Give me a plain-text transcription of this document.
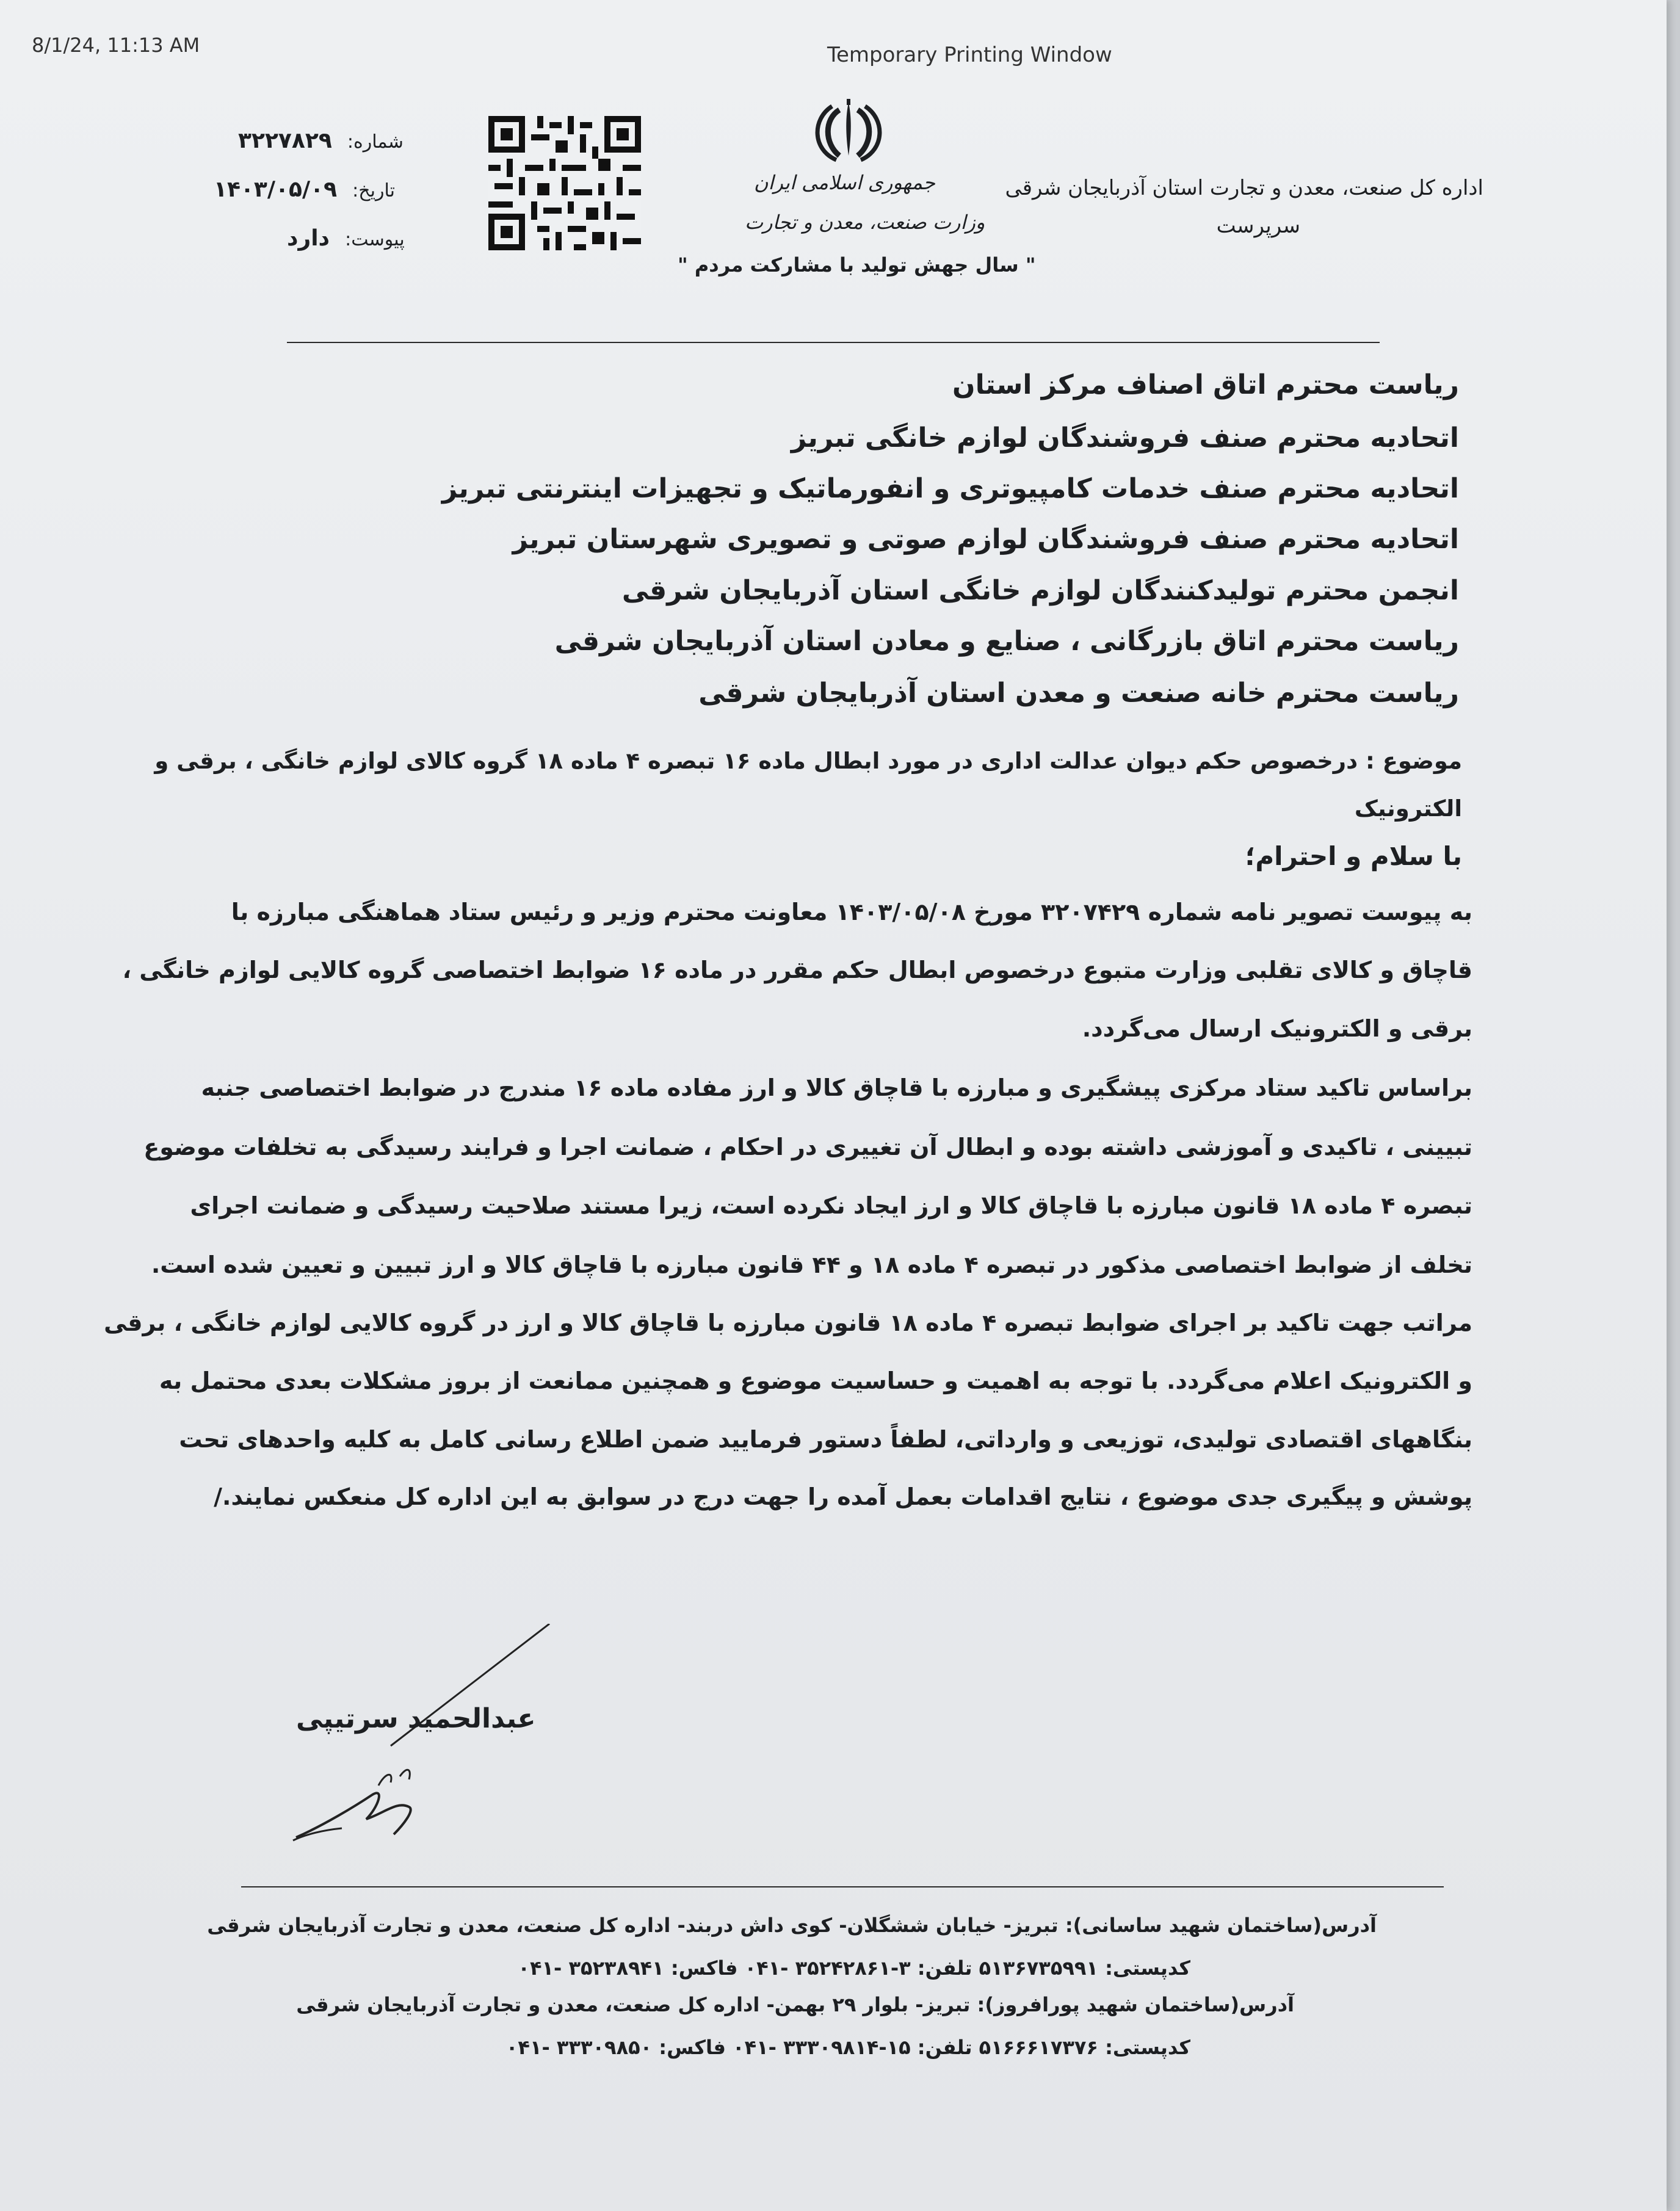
8/1/24, 11:13 AM	Temporary Printing Window
اداره کل صنعت، معدن و تجارت استان آذربایجان شرقی
سرپرست
جمهوری اسلامی ایران
وزارت صنعت، معدن و تجارت
" سال جهش تولید با مشارکت مردم "
شماره: ۳۲۲۷۸۲۹
تاریخ: ۱۴۰۳/۰۵/۰۹
پیوست: دارد
ریاست محترم اتاق اصناف مرکز استان
اتحادیه محترم صنف فروشندگان لوازم خانگی تبریز
اتحادیه محترم صنف خدمات کامپیوتری و انفورماتیک و تجهیزات اینترنتی تبریز
اتحادیه محترم صنف فروشندگان لوازم صوتی و تصویری شهرستان تبریز
انجمن محترم تولیدکنندگان لوازم خانگی استان آذربایجان شرقی
ریاست محترم اتاق بازرگانی ، صنایع و معادن استان آذربایجان شرقی
ریاست محترم خانه صنعت و معدن استان آذربایجان شرقی
موضوع : درخصوص حکم دیوان عدالت اداری در مورد ابطال ماده ۱۶ تبصره ۴ ماده ۱۸ گروه کالای لوازم خانگی ، برقی و
الکترونیک
با سلام و احترام؛
به پیوست تصویر نامه شماره ۳۲۰۷۴۲۹ مورخ ۱۴۰۳/۰۵/۰۸ معاونت محترم وزیر و رئیس ستاد هماهنگی مبارزه با
قاچاق و کالای تقلبی وزارت متبوع درخصوص ابطال حکم مقرر در ماده ۱۶ ضوابط اختصاصی گروه کالایی لوازم خانگی ،
برقی و الکترونیک ارسال می‌گردد.
براساس تاکید ستاد مرکزی پیشگیری و مبارزه با قاچاق کالا و ارز مفاده ماده ۱۶ مندرج در ضوابط اختصاصی جنبه
تبیینی ، تاکیدی و آموزشی داشته بوده و ابطال آن تغییری در احکام ، ضمانت اجرا و فرایند رسیدگی به تخلفات موضوع
تبصره ۴ ماده ۱۸ قانون مبارزه با قاچاق کالا و ارز ایجاد نکرده است، زیرا مستند صلاحیت رسیدگی و ضمانت اجرای
تخلف از ضوابط اختصاصی مذکور در تبصره ۴ ماده ۱۸ و ۴۴ قانون مبارزه با قاچاق کالا و ارز تبیین و تعیین شده است.
مراتب جهت تاکید بر اجرای ضوابط تبصره ۴ ماده ۱۸ قانون مبارزه با قاچاق کالا و ارز در گروه کالایی لوازم خانگی ، برقی
و الکترونیک اعلام می‌گردد. با توجه به اهمیت و حساسیت موضوع و همچنین ممانعت از بروز مشکلات بعدی محتمل به
بنگاههای اقتصادی تولیدی، توزیعی و وارداتی، لطفاً دستور فرمایید ضمن اطلاع رسانی کامل به کلیه واحدهای تحت
پوشش و پیگیری جدی موضوع ، نتایج اقدامات بعمل آمده را جهت درج در سوابق به این اداره کل منعکس نمایند./
عبدالحمید سرتیپی
آدرس(ساختمان شهید ساسانی): تبریز- خیابان ششگلان- کوی داش دربند- اداره کل صنعت، معدن و تجارت آذربایجان شرقی
کدپستی: ۵۱۳۶۷۳۵۹۹۱ تلفن: ۳-۳۵۲۴۲۸۶۱ -۰۴۱ فاکس: ۳۵۲۳۸۹۴۱ -۰۴۱
آدرس(ساختمان شهید پورافروز): تبریز- بلوار ۲۹ بهمن- اداره کل صنعت، معدن و تجارت آذربایجان شرقی
کدپستی: ۵۱۶۶۶۱۷۳۷۶ تلفن: ۱۵-۳۳۳۰۹۸۱۴ -۰۴۱ فاکس: ۳۳۳۰۹۸۵۰ -۰۴۱
